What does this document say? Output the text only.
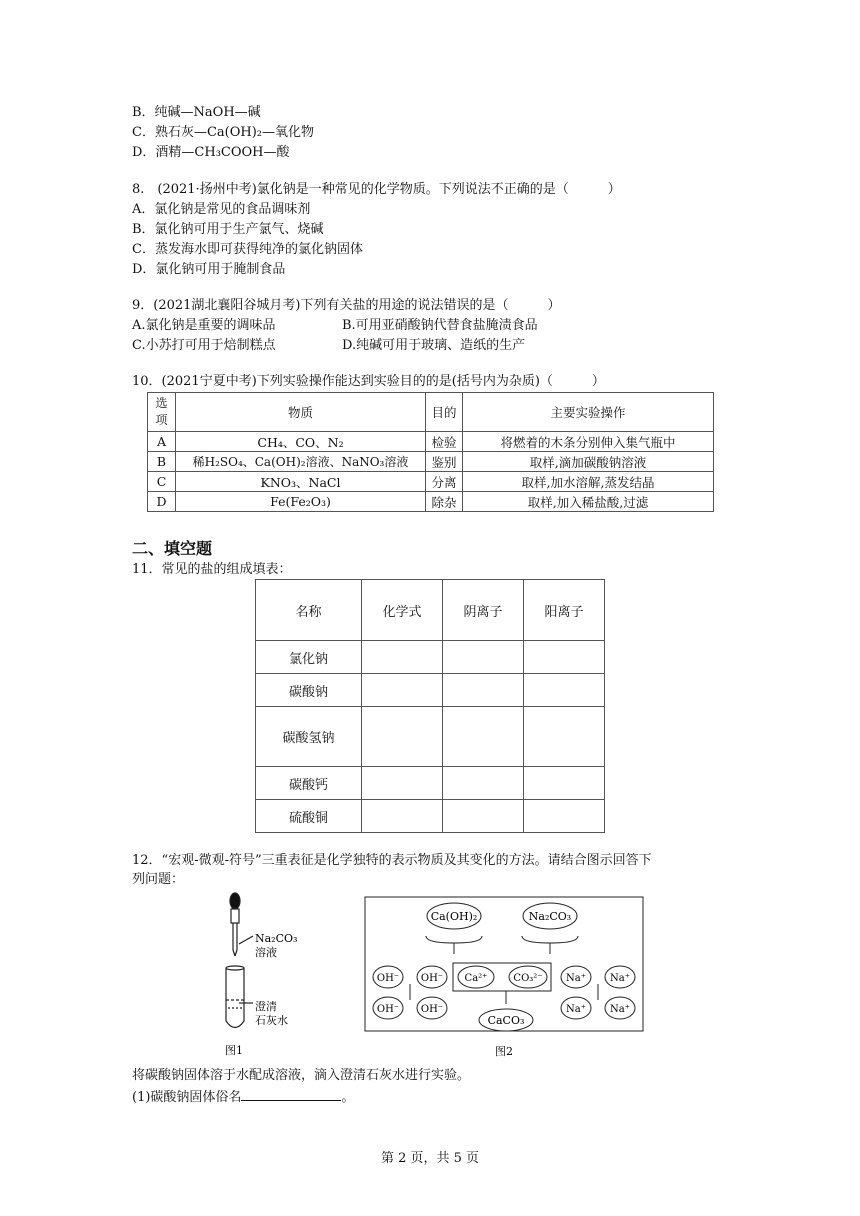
B．纯碱—NaOH—碱
C．熟石灰—Ca(OH)₂—氧化物
D．酒精—CH₃COOH—酸
8.　(2021·扬州中考)氯化钠是一种常见的化学物质。下列说法不正确的是（　　　）
A．氯化钠是常见的食品调味剂
B．氯化钠可用于生产氯气、烧碱
C．蒸发海水即可获得纯净的氯化钠固体
D．氯化钠可用于腌制食品
9．(2021湖北襄阳谷城月考)下列有关盐的用途的说法错误的是（　　　）
A.氯化钠是重要的调味品	B.可用亚硝酸钠代替食盐腌渍食品
C.小苏打可用于焙制糕点	D.纯碱可用于玻璃、造纸的生产
10．(2021宁夏中考)下列实验操作能达到实验目的的是(括号内为杂质)（　　　）
选
项	物质	目的	主要实验操作
A	CH₄、CO、N₂	检验	将燃着的木条分别伸入集气瓶中
B	稀H₂SO₄、Ca(OH)₂溶液、NaNO₃溶液	鉴别	取样,滴加碳酸钠溶液
C	KNO₃、NaCl	分离	取样,加水溶解,蒸发结晶
D	Fe(Fe₂O₃)	除杂	取样,加入稀盐酸,过滤
二、填空题
11．常见的盐的组成填表：
名称	化学式	阴离子	阳离子
氯化钠			
碳酸钠			
碳酸氢钠			
碳酸钙			
硫酸铜			
12．“宏观-微观-符号”三重表征是化学独特的表示物质及其变化的方法。请结合图示回答下
列问题：
Na₂CO₃
溶液
澄清
石灰水
图1
Ca(OH)₂	Na₂CO₃
OH⁻ OH⁻ Ca²⁺	CO₃²⁻ Na⁺ Na⁺
OH⁻ OH⁻
CaCO₃
Na⁺ Na⁺
图2
将碳酸钠固体溶于水配成溶液，滴入澄清石灰水进行实验。
(1)碳酸钠固体俗名	。
第 2 页，共 5 页
